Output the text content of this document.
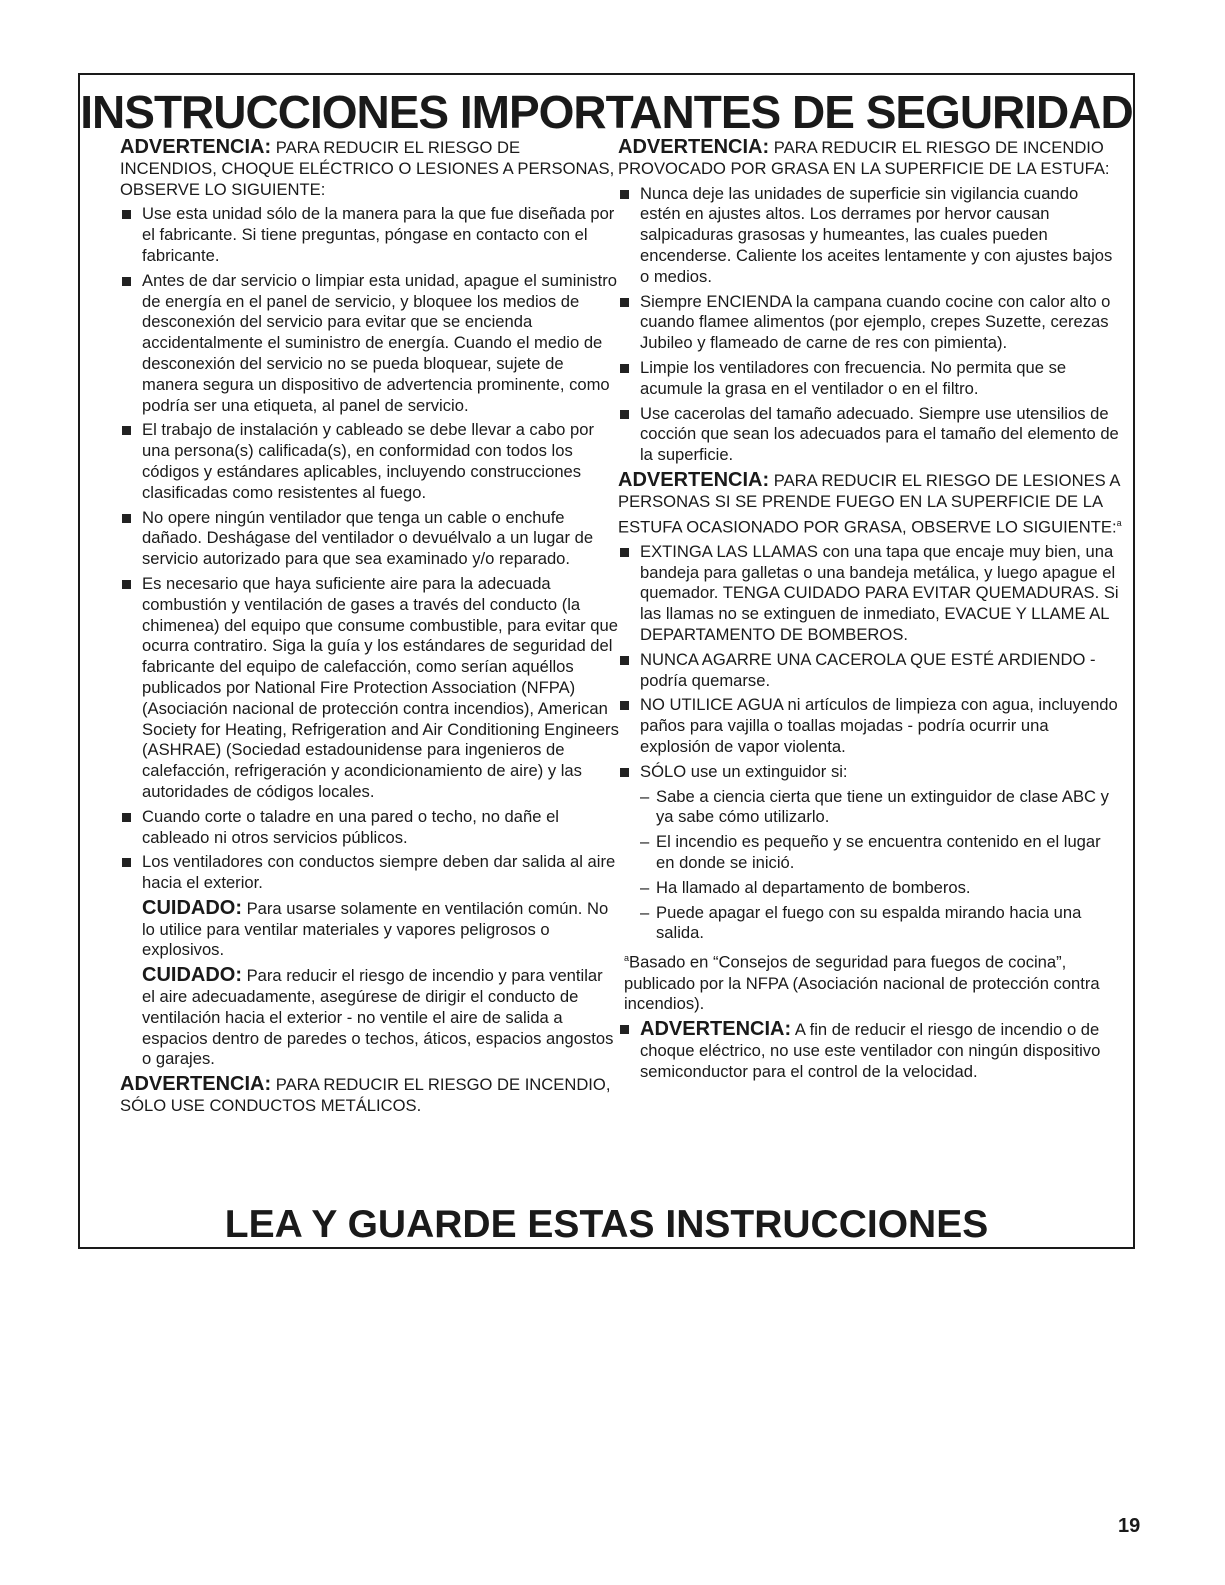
INSTRUCCIONES IMPORTANTES DE SEGURIDAD

ADVERTENCIA: PARA REDUCIR EL RIESGO DE INCENDIOS, CHOQUE ELÉCTRICO O LESIONES A PERSONAS, OBSERVE LO SIGUIENTE:

Use esta unidad sólo de la manera para la que fue diseñada por el fabricante. Si tiene preguntas, póngase en contacto con el fabricante.
Antes de dar servicio o limpiar esta unidad, apague el suministro de energía en el panel de servicio, y bloquee los medios de desconexión del servicio para evitar que se encienda accidentalmente el suministro de energía. Cuando el medio de desconexión del servicio no se pueda bloquear, sujete de manera segura un dispositivo de advertencia prominente, como podría ser una etiqueta, al panel de servicio.
El trabajo de instalación y cableado se debe llevar a cabo por una persona(s) calificada(s), en conformidad con todos los códigos y estándares aplicables, incluyendo construcciones clasificadas como resistentes al fuego.
No opere ningún ventilador que tenga un cable o enchufe dañado. Deshágase del ventilador o devuélvalo a un lugar de servicio autorizado para que sea examinado y/o reparado.
Es necesario que haya suficiente aire para la adecuada combustión y ventilación de gases a través del conducto (la chimenea) del equipo que consume combustible, para evitar que ocurra contratiro. Siga la guía y los estándares de seguridad del fabricante del equipo de calefacción, como serían aquéllos publicados por National Fire Protection Association (NFPA) (Asociación nacional de protección contra incendios), American Society for Heating, Refrigeration and Air Conditioning Engineers (ASHRAE) (Sociedad estadounidense para ingenieros de calefacción, refrigeración y acondicionamiento de aire) y las autoridades de códigos locales.
Cuando corte o taladre en una pared o techo, no dañe el cableado ni otros servicios públicos.
Los ventiladores con conductos siempre deben dar salida al aire hacia el exterior.

CUIDADO: Para usarse solamente en ventilación común. No lo utilice para ventilar materiales y vapores peligrosos o explosivos.

CUIDADO: Para reducir el riesgo de incendio y para ventilar el aire adecuadamente, asegúrese de dirigir el conducto de ventilación hacia el exterior - no ventile el aire de salida a espacios dentro de paredes o techos, áticos, espacios angostos o garajes.

ADVERTENCIA: PARA REDUCIR EL RIESGO DE INCENDIO, SÓLO USE CONDUCTOS METÁLICOS.

ADVERTENCIA: PARA REDUCIR EL RIESGO DE INCENDIO PROVOCADO POR GRASA EN LA SUPERFICIE DE LA ESTUFA:

Nunca deje las unidades de superficie sin vigilancia cuando estén en ajustes altos. Los derrames por hervor causan salpicaduras grasosas y humeantes, las cuales pueden encenderse. Caliente los aceites lentamente y con ajustes bajos o medios.
Siempre ENCIENDA la campana cuando cocine con calor alto o cuando flamee alimentos (por ejemplo, crepes Suzette, cerezas Jubileo y flameado de carne de res con pimienta).
Limpie los ventiladores con frecuencia. No permita que se acumule la grasa en el ventilador o en el filtro.
Use cacerolas del tamaño adecuado. Siempre use utensilios de cocción que sean los adecuados para el tamaño del elemento de la superficie.

ADVERTENCIA: PARA REDUCIR EL RIESGO DE LESIONES A PERSONAS SI SE PRENDE FUEGO EN LA SUPERFICIE DE LA ESTUFA OCASIONADO POR GRASA, OBSERVE LO SIGUIENTE:$^a$

EXTINGA LAS LLAMAS con una tapa que encaje muy bien, una bandeja para galletas o una bandeja metálica, y luego apague el quemador. TENGA CUIDADO PARA EVITAR QUEMADURAS. Si las llamas no se extinguen de inmediato, EVACUE Y LLAME AL DEPARTAMENTO DE BOMBEROS.
NUNCA AGARRE UNA CACEROLA QUE ESTÉ ARDIENDO - podría quemarse.
NO UTILICE AGUA ni artículos de limpieza con agua, incluyendo paños para vajilla o toallas mojadas - podría ocurrir una explosión de vapor violenta.
SÓLO use un extinguidor si:
– Sabe a ciencia cierta que tiene un extinguidor de clase ABC y ya sabe cómo utilizarlo.
– El incendio es pequeño y se encuentra contenido en el lugar en donde se inició.
– Ha llamado al departamento de bomberos.
– Puede apagar el fuego con su espalda mirando hacia una salida.

$^a$Basado en “Consejos de seguridad para fuegos de cocina”, publicado por la NFPA (Asociación nacional de protección contra incendios).

ADVERTENCIA: A fin de reducir el riesgo de incendio o de choque eléctrico, no use este ventilador con ningún dispositivo semiconductor para el control de la velocidad.
LEA Y GUARDE ESTAS INSTRUCCIONES
19
